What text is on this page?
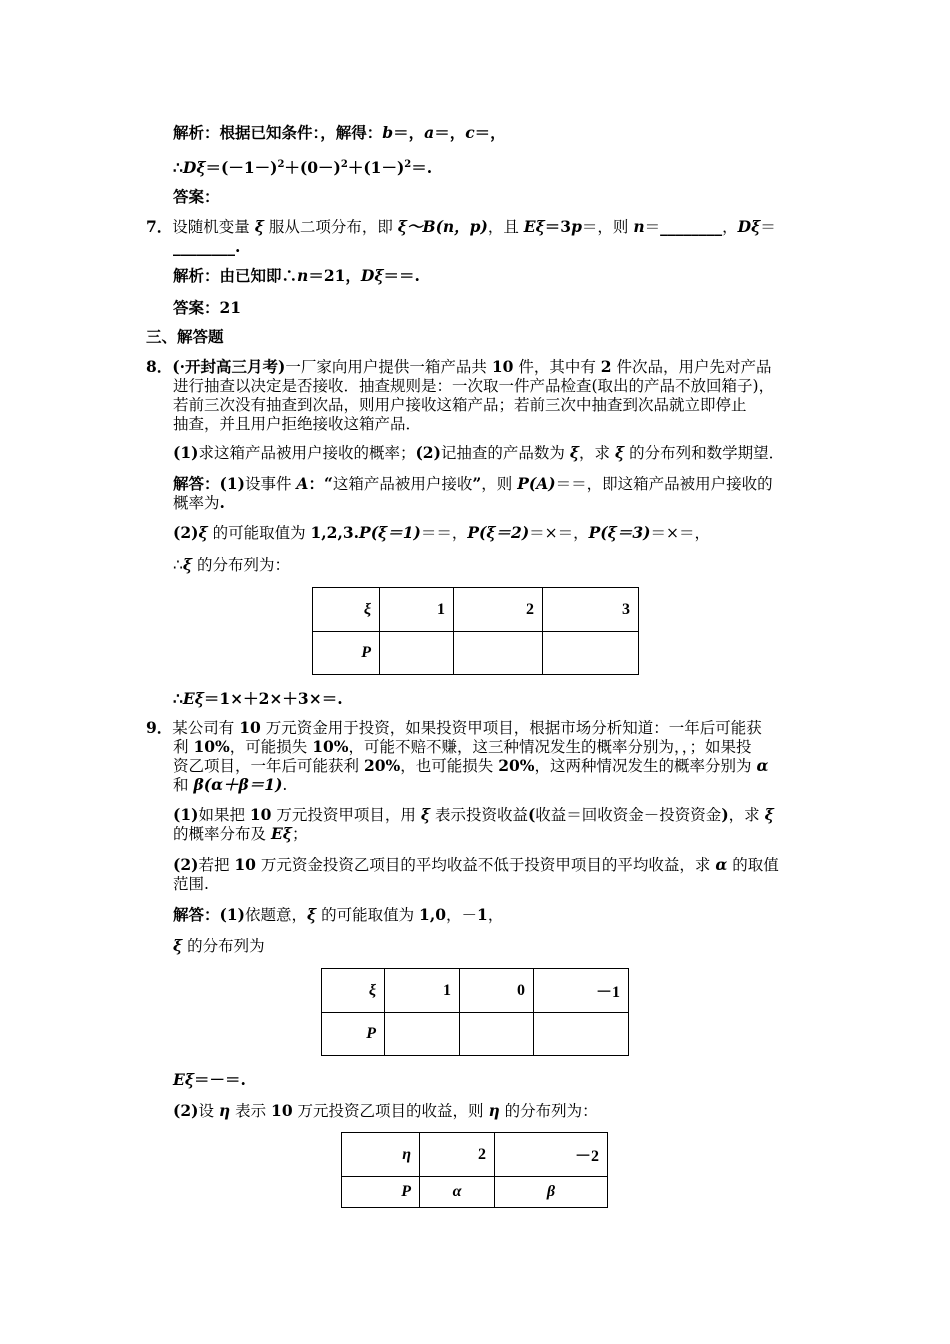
解析：根据已知条件：，解得：b＝，a＝，c＝，
$\therefore D\xi=(-1-)^2+(0-)^2+(1-)^2=$.
答案：
7．设随机变量 ξ 服从二项分布，即 ξ～B(n，p)，且 Eξ＝3p＝，则 n＝________，Dξ＝
________.
解析：由已知即∴n＝21，Dξ＝＝.
答案：21
三、解答题
8．(·开封高三月考)一厂家向用户提供一箱产品共 10 件，其中有 2 件次品，用户先对产品
进行抽查以决定是否接收．抽查规则是：一次取一件产品检查(取出的产品不放回箱子)，
若前三次没有抽查到次品，则用户接收这箱产品；若前三次中抽查到次品就立即停止
抽查，并且用户拒绝接收这箱产品．
(1)求这箱产品被用户接收的概率；(2)记抽查的产品数为 ξ，求 ξ 的分布列和数学期望．
解答：(1)设事件 A：“这箱产品被用户接收”，则 P(A)＝＝，即这箱产品被用户接收的
概率为.
(2)ξ 的可能取值为 1,2,3.P(ξ＝1)＝＝，P(ξ＝2)＝×＝，P(ξ＝3)＝×＝，
∴ξ 的分布列为：
ξ	1	2	3
P			
∴Eξ＝1×＋2×＋3×＝.
9．某公司有 10 万元资金用于投资，如果投资甲项目，根据市场分析知道：一年后可能获
利 10%，可能损失 10%，可能不赔不赚，这三种情况发生的概率分别为，，；如果投
资乙项目，一年后可能获利 20%，也可能损失 20%，这两种情况发生的概率分别为 α
和 β(α＋β＝1).
(1)如果把 10 万元投资甲项目，用 ξ 表示投资收益(收益＝回收资金－投资资金)，求 ξ
的概率分布及 Eξ；
(2)若把 10 万元资金投资乙项目的平均收益不低于投资甲项目的平均收益，求 α 的取值
范围.
解答：(1)依题意，ξ 的可能取值为 1,0，－1，
ξ 的分布列为
ξ	1	0	－1
P			
Eξ＝－＝.
(2)设 η 表示 10 万元投资乙项目的收益，则 η 的分布列为：
η	2	－2
P	α	β
